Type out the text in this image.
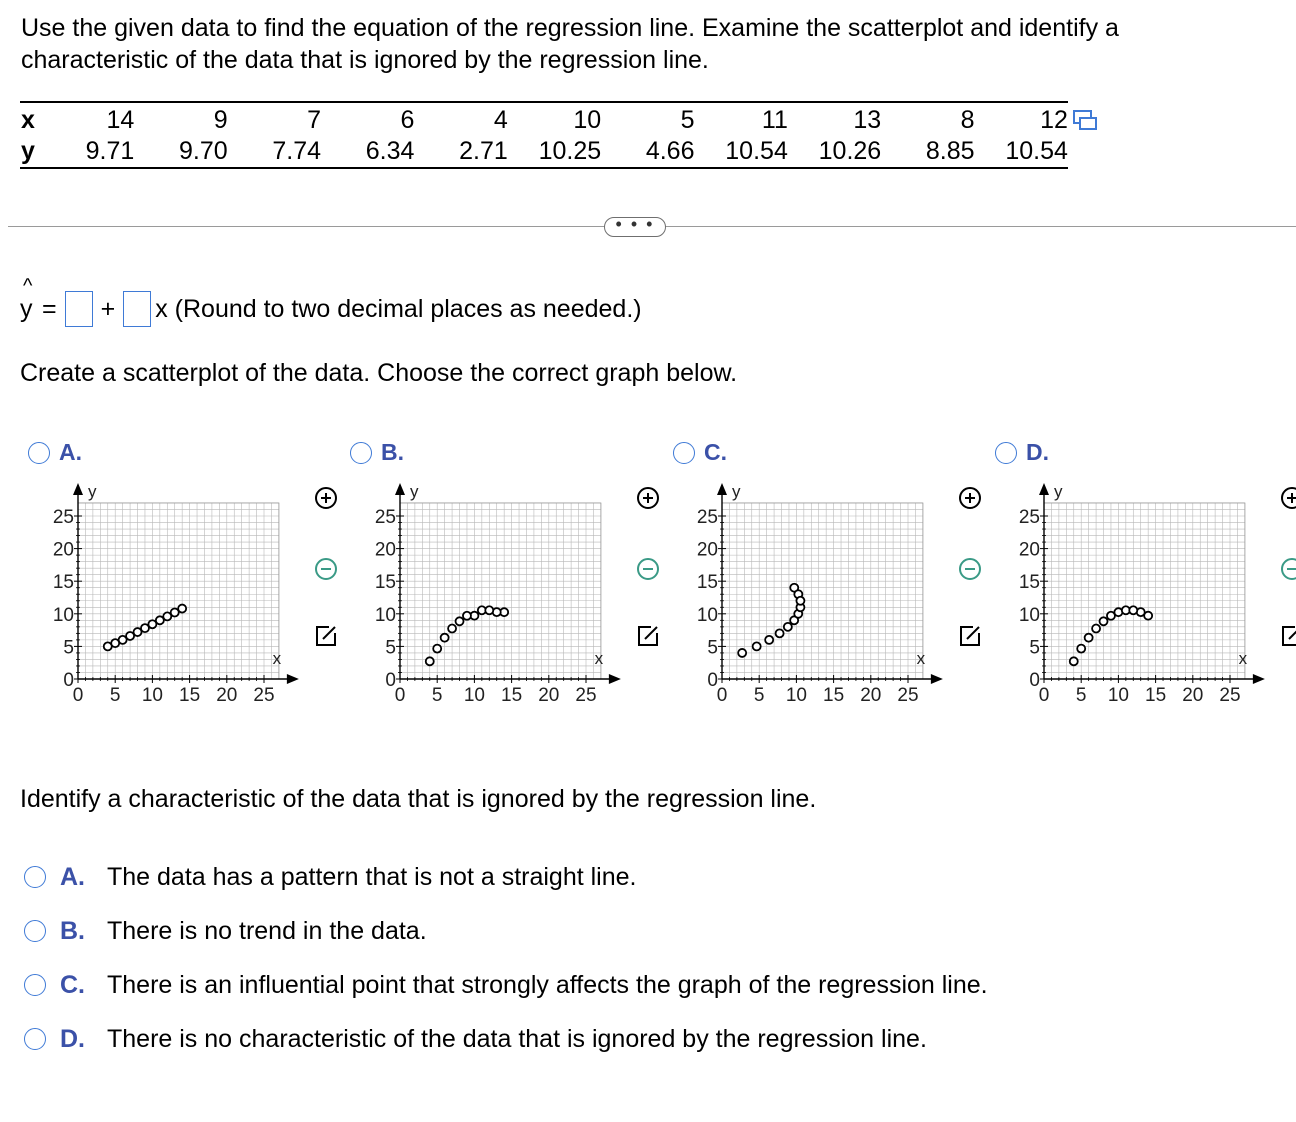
Use the given data to find the equation of the regression line. Examine the scatterplot and identify a characteristic of the data that is ignored by the regression line.
x	14	9	7	6	4	10	5	11	13	8	12
y	9.71	9.70	7.74	6.34	2.71	10.25	4.66	10.54	10.26	8.85	10.54
• • •
^
y = + x (Round to two decimal places as needed.)
Create a scatterplot of the data. Choose the correct graph below.
A.	B.	C.	D.
0 5 10 15 20 25
0
5
10
15
20
25
x
y
0 5 10 15 20 25
0
5
10
15
20
25
x
y
0 5 10 15 20 25
0
5
10
15
20
25
x
y
0 5 10 15 20 25
0
5
10
15
20
25
x
y
Identify a characteristic of the data that is ignored by the regression line.
A. The data has a pattern that is not a straight line.
B. There is no trend in the data.
C. There is an influential point that strongly affects the graph of the regression line.
D. There is no characteristic of the data that is ignored by the regression line.
